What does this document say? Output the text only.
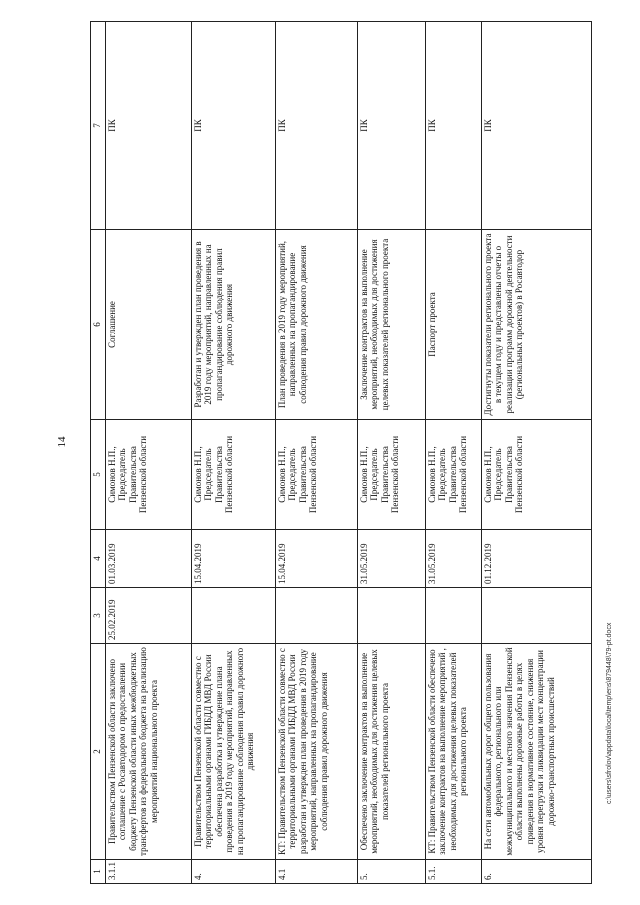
14
1	2	3	4	5	6	7
3.1.1	Правительством Пензенской области заключено соглашение с Росавтодором о предоставлении бюджету Пензенской области иных межбюджетных трансфертов из федерального бюджета на реализацию мероприятий национального проекта	25.02.2019	01.03.2019	Симонов Н.П., Председатель Правительства Пензенской области	Соглашение	ПК
4.	Правительством Пензенской области совместно с территориальными органами ГИБДД МВД России обеспечена разработка и утверждение плана проведения в 2019 году мероприятий, направленных на пропагандирование соблюдения правил дорожного движения		15.04.2019	Симонов Н.П., Председатель Правительства Пензенской области	Разработан и утвержден план проведения в 2019 году мероприятий, направленных на пропагандирование соблюдения правил дорожного движения	ПК
4.1	КТ: Правительством Пензенской области совместно с территориальными органами ГИБДД МВД России разработан и утвержден план проведения в 2019 году мероприятий, направленных на пропагандирование соблюдения правил дорожного движения		15.04.2019	Симонов Н.П., Председатель Правительства Пензенской области	План проведения в 2019 году мероприятий, направленных на пропагандирование соблюдения правил дорожного движения	ПК
5.	Обеспечено заключение контрактов на выполнение мероприятий, необходимых для достижения целевых показателей регионального проекта		31.05.2019	Симонов Н.П., Председатель Правительства Пензенской области	Заключение контрактов на выполнение мероприятий, необходимых для достижения целевых показателей регионального проекта	ПК
5.1.	КТ: Правительством Пензенской области обеспечено заключение контрактов на выполнение мероприятий , необходимых для достижения целевых показателей регионального проекта		31.05.2019	Симонов Н.П., Председатель Правительства Пензенской области	Паспорт проекта	ПК
6.	На сети автомобильных дорог общего пользования федерального, регионального или межмуниципального и местного значения Пензенской области выполнены дорожные работы в целях приведения в нормативное состояние, снижения уровня перегрузки и ликвидации мест концентрации дорожно-транспортных происшествий		01.12.2019	Симонов Н.П., Председатель Правительства Пензенской области	Достигнуты показатели регионального проекта в текущем году и представлены отчеты о реализации программ дорожной деятельности (региональных проектов) в Росавтодор	ПК
c:\users\sfrolov\appdata\local\temp\ens\879448\79-pt.docx
